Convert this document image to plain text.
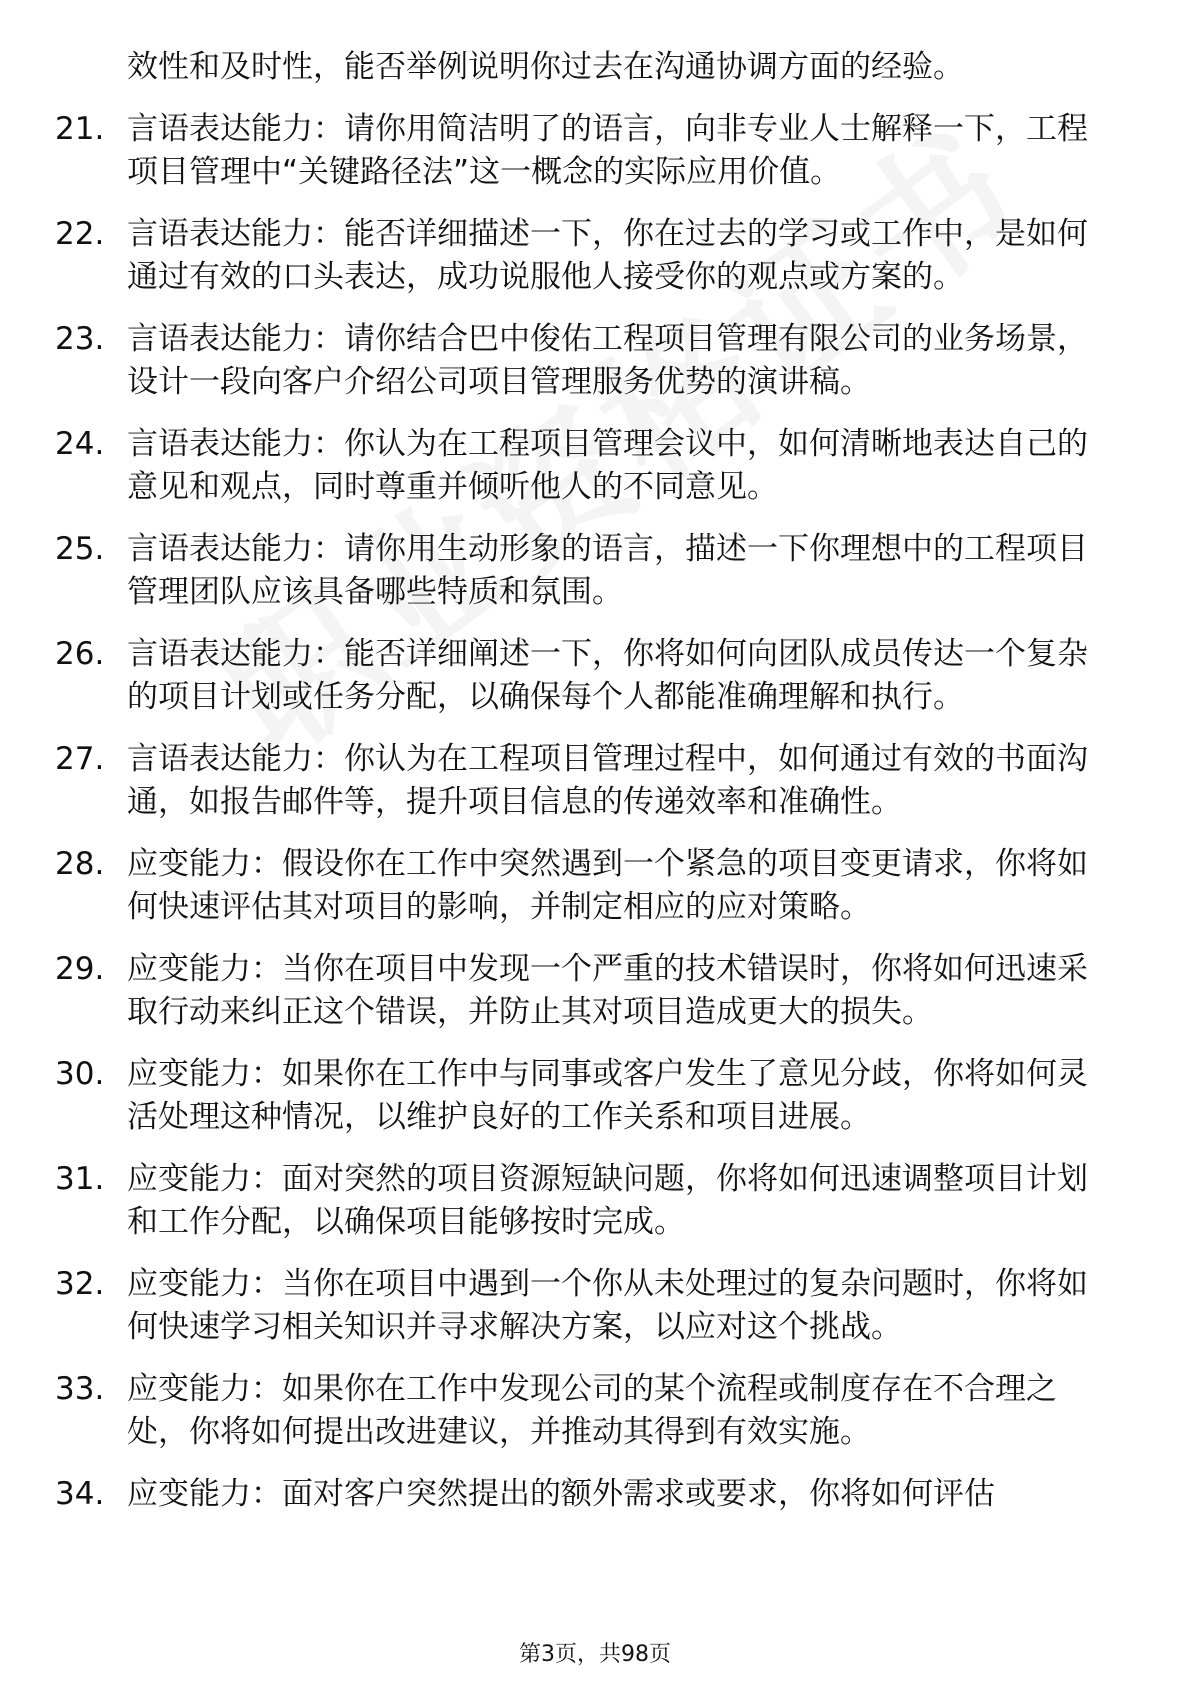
效性和及时性，能否举例说明你过去在沟通协调方面的经验。
21. 言语表达能力：请你用简洁明了的语言，向非专业人士解释一下，工程项目管理中“关键路径法”这一概念的实际应用价值。
22. 言语表达能力：能否详细描述一下，你在过去的学习或工作中，是如何通过有效的口头表达，成功说服他人接受你的观点或方案的。
23. 言语表达能力：请你结合巴中俊佑工程项目管理有限公司的业务场景，设计一段向客户介绍公司项目管理服务优势的演讲稿。
24. 言语表达能力：你认为在工程项目管理会议中，如何清晰地表达自己的意见和观点，同时尊重并倾听他人的不同意见。
25. 言语表达能力：请你用生动形象的语言，描述一下你理想中的工程项目管理团队应该具备哪些特质和氛围。
26. 言语表达能力：能否详细阐述一下，你将如何向团队成员传达一个复杂的项目计划或任务分配，以确保每个人都能准确理解和执行。
27. 言语表达能力：你认为在工程项目管理过程中，如何通过有效的书面沟通，如报告邮件等，提升项目信息的传递效率和准确性。
28. 应变能力：假设你在工作中突然遇到一个紧急的项目变更请求，你将如何快速评估其对项目的影响，并制定相应的应对策略。
29. 应变能力：当你在项目中发现一个严重的技术错误时，你将如何迅速采取行动来纠正这个错误，并防止其对项目造成更大的损失。
30. 应变能力：如果你在工作中与同事或客户发生了意见分歧，你将如何灵活处理这种情况，以维护良好的工作关系和项目进展。
31. 应变能力：面对突然的项目资源短缺问题，你将如何迅速调整项目计划和工作分配，以确保项目能够按时完成。
32. 应变能力：当你在项目中遇到一个你从未处理过的复杂问题时，你将如何快速学习相关知识并寻求解决方案，以应对这个挑战。
33. 应变能力：如果你在工作中发现公司的某个流程或制度存在不合理之处，你将如何提出改进建议，并推动其得到有效实施。
34. 应变能力：面对客户突然提出的额外需求或要求，你将如何评估
第3页，共98页
